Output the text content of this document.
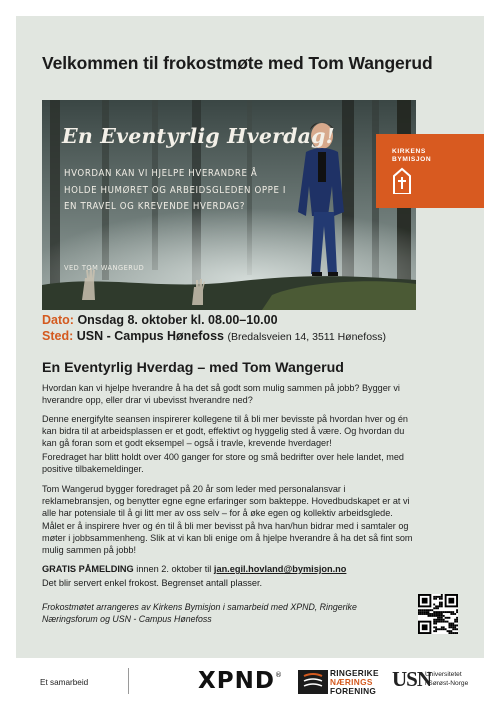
Velkommen til frokostmøte med Tom Wangerud
En Eventyrlig Hverdag!
HVORDAN KAN VI HJELPE HVERANDRE Å HOLDE HUMØRET OG ARBEIDSGLEDEN OPPE I EN TRAVEL OG KREVENDE HVERDAG?
VED TOM WANGERUD
KIRKENS
BYMISJON
Dato: Onsdag 8. oktober kl. 08.00–10.00
Sted: USN - Campus Hønefoss (Bredalsveien 14, 3511 Hønefoss)
En Eventyrlig Hverdag – med Tom Wangerud

Hvordan kan vi hjelpe hverandre å ha det så godt som mulig sammen på jobb? Bygger vi hverandre opp, eller drar vi ubevisst hverandre ned?

Denne energifylte seansen inspirerer kollegene til å bli mer bevisste på hvordan hver og én kan bidra til at arbeidsplassen er et godt, effektivt og hyggelig sted å være. Og hvordan du kan gå foran som et godt eksempel – også i travle, krevende hverdager!

Foredraget har blitt holdt over 400 ganger for store og små bedrifter over hele landet, med positive tilbakemeldinger.

Tom Wangerud bygger foredraget på 20 år som leder med personalansvar i reklamebransjen, og benytter egne egne erfaringer som bakteppe. Hovedbudskapet er at vi alle har potensiale til å gi litt mer av oss selv – for å øke egen og kollektiv arbeidsglede. Målet er å inspirere hver og én til å bli mer bevisst på hva han/hun bidrar med i samtaler og møter i jobbsammenheng. Slik at vi kan bli enige om å hjelpe hverandre å ha det så fint som mulig sammen på jobb!

GRATIS PÅMELDING innen 2. oktober til jan.egil.hovland@bymisjon.no
Det blir servert enkel frokost. Begrenset antall plasser.
Frokostmøtet arrangeres av Kirkens Bymisjon i samarbeid med XPND, Ringerike Næringsforum og USN - Campus Hønefoss
Et samarbeid	XPND®	RINGERIKE
NÆRINGS
FORENING USN
Universitetet
i Sørøst-Norge
